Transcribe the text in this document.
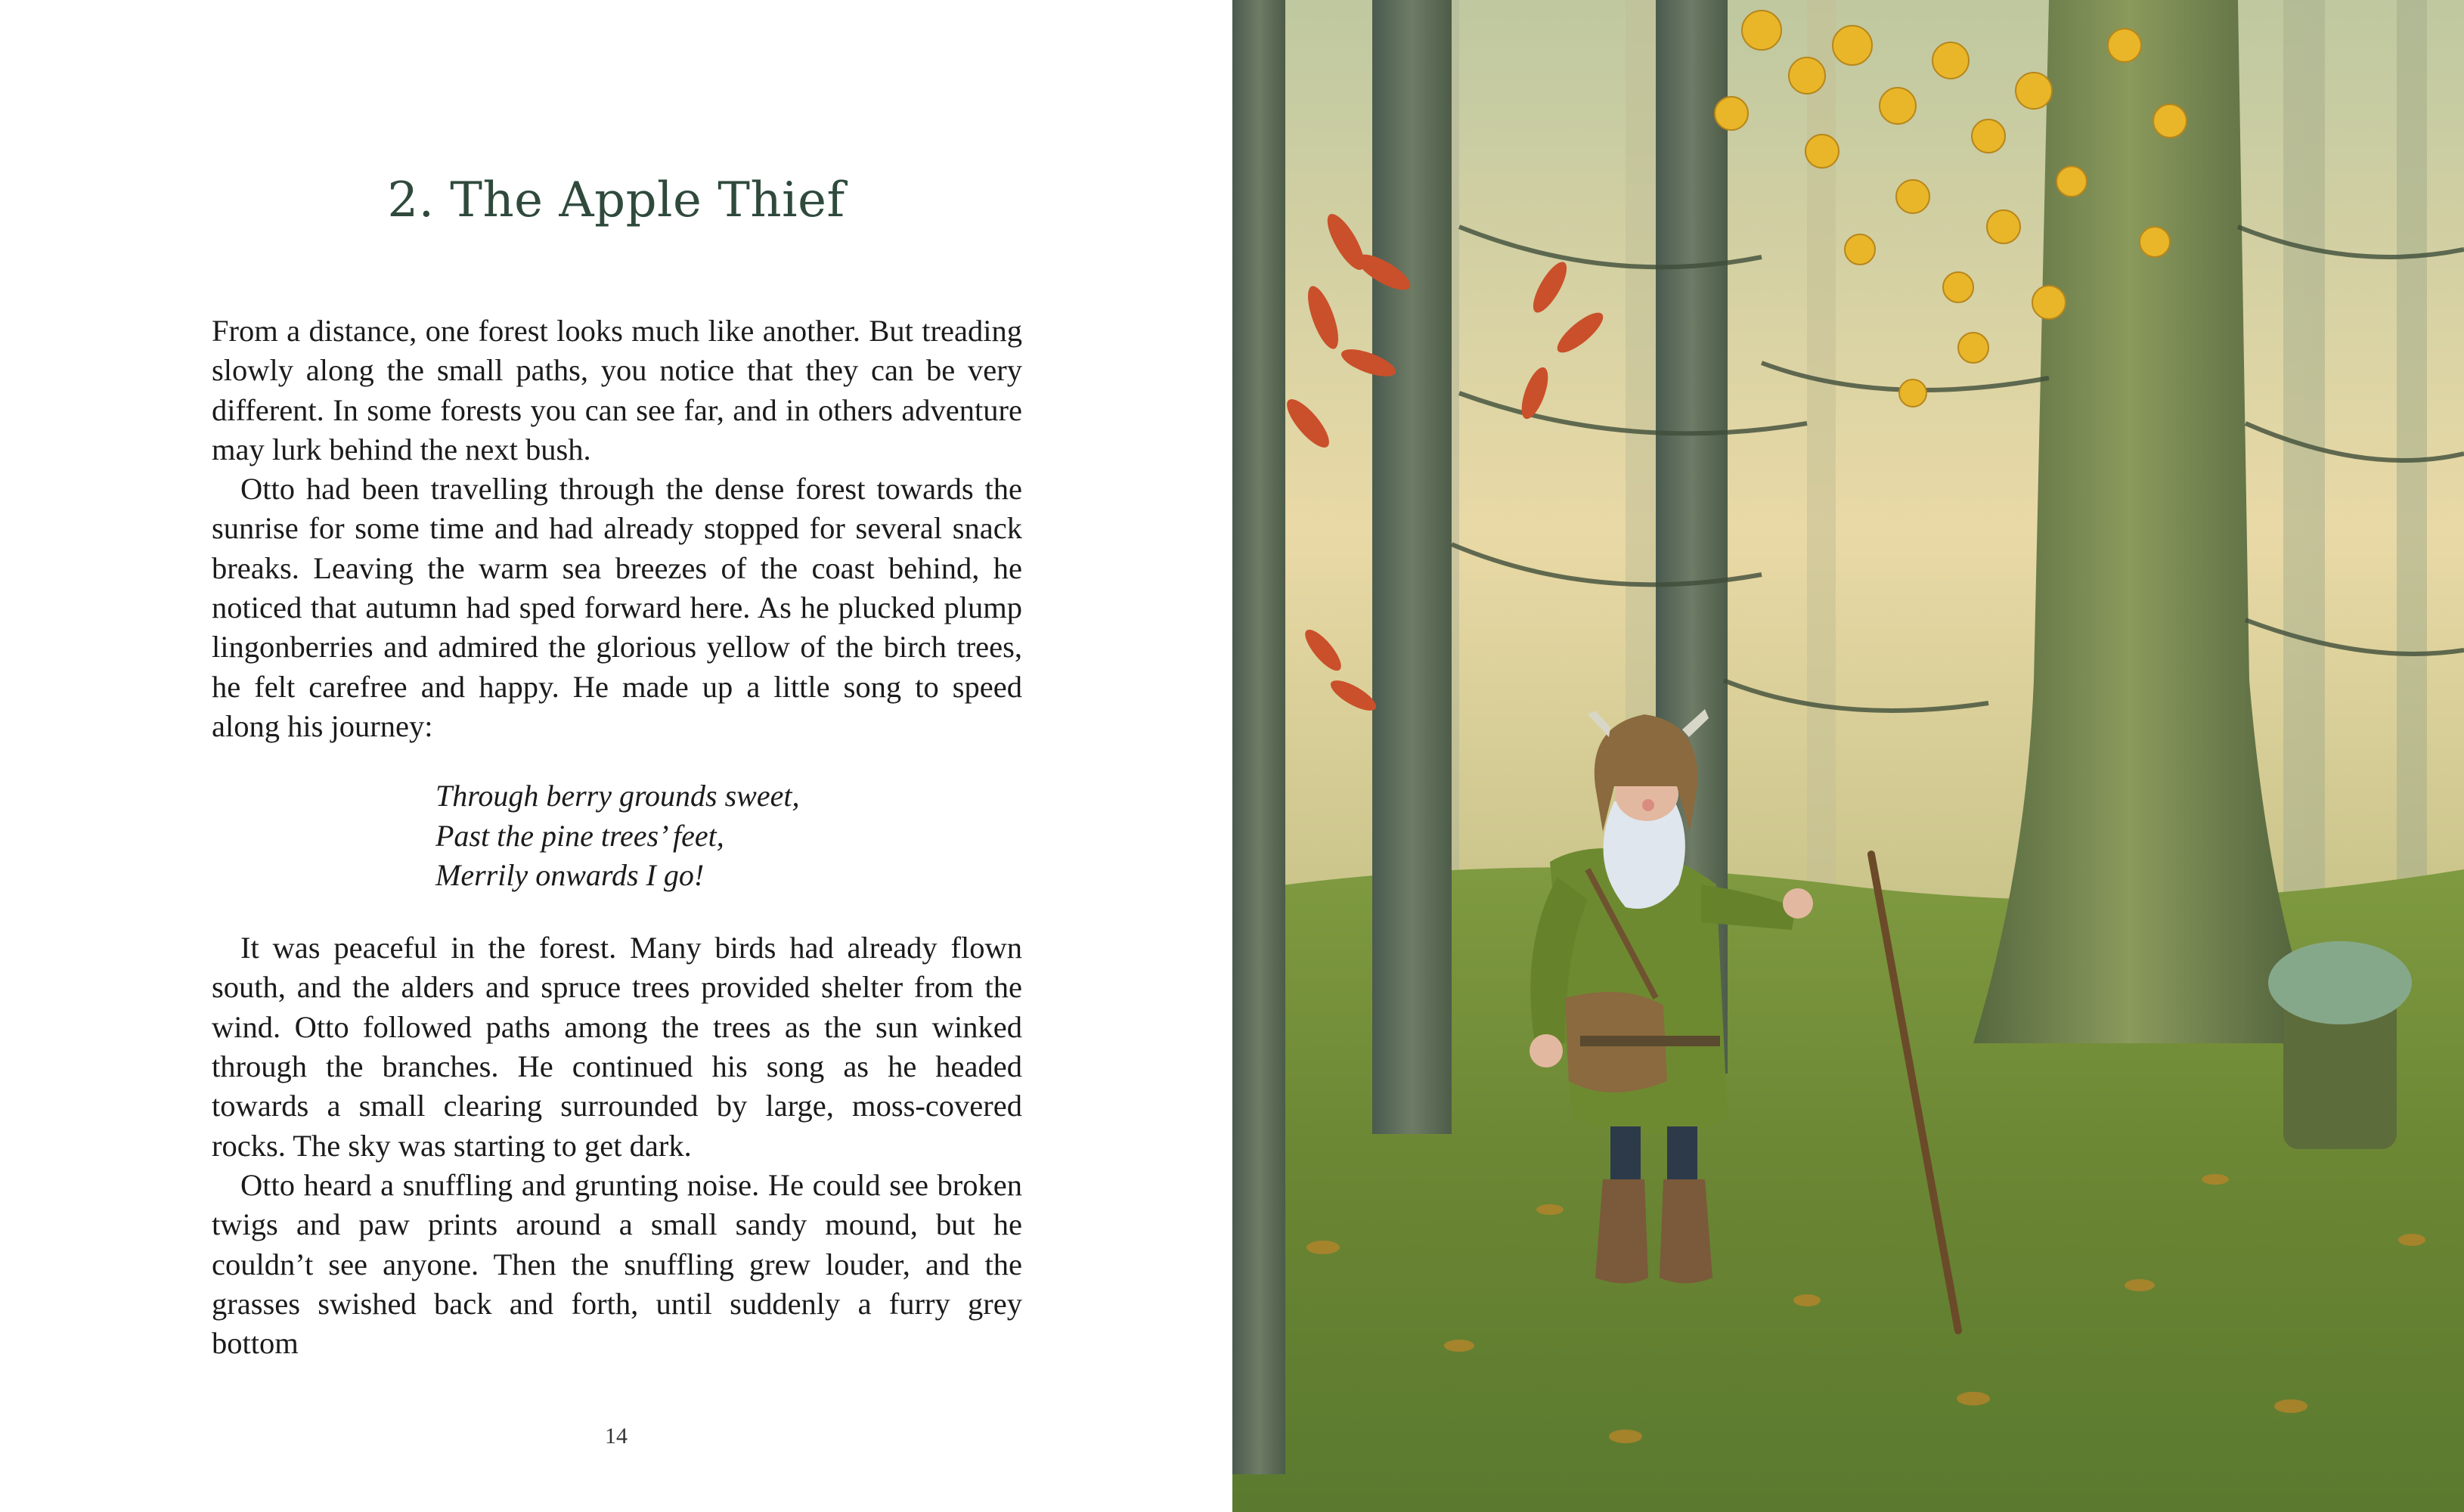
2. The Apple Thief

From a distance, one forest looks much like another. But treading slowly along the small paths, you notice that they can be very different. In some forests you can see far, and in others adventure may lurk behind the next bush.

Otto had been travelling through the dense forest towards the sunrise for some time and had already stopped for several snack breaks. Leaving the warm sea breezes of the coast behind, he noticed that autumn had sped forward here. As he plucked plump lingonberries and admired the glorious yellow of the birch trees, he felt carefree and happy. He made up a little song to speed along his journey:

Through berry grounds sweet,
Past the pine trees’ feet,
Merrily onwards I go!

It was peaceful in the forest. Many birds had already flown south, and the alders and spruce trees provided shelter from the wind. Otto followed paths among the trees as the sun winked through the branches. He continued his song as he headed towards a small clearing surrounded by large, moss-covered rocks. The sky was starting to get dark.

Otto heard a snuffling and grunting noise. He could see broken twigs and paw prints around a small sandy mound, but he couldn’t see anyone. Then the snuffling grew louder, and the grasses swished back and forth, until suddenly a furry grey bottom

14
